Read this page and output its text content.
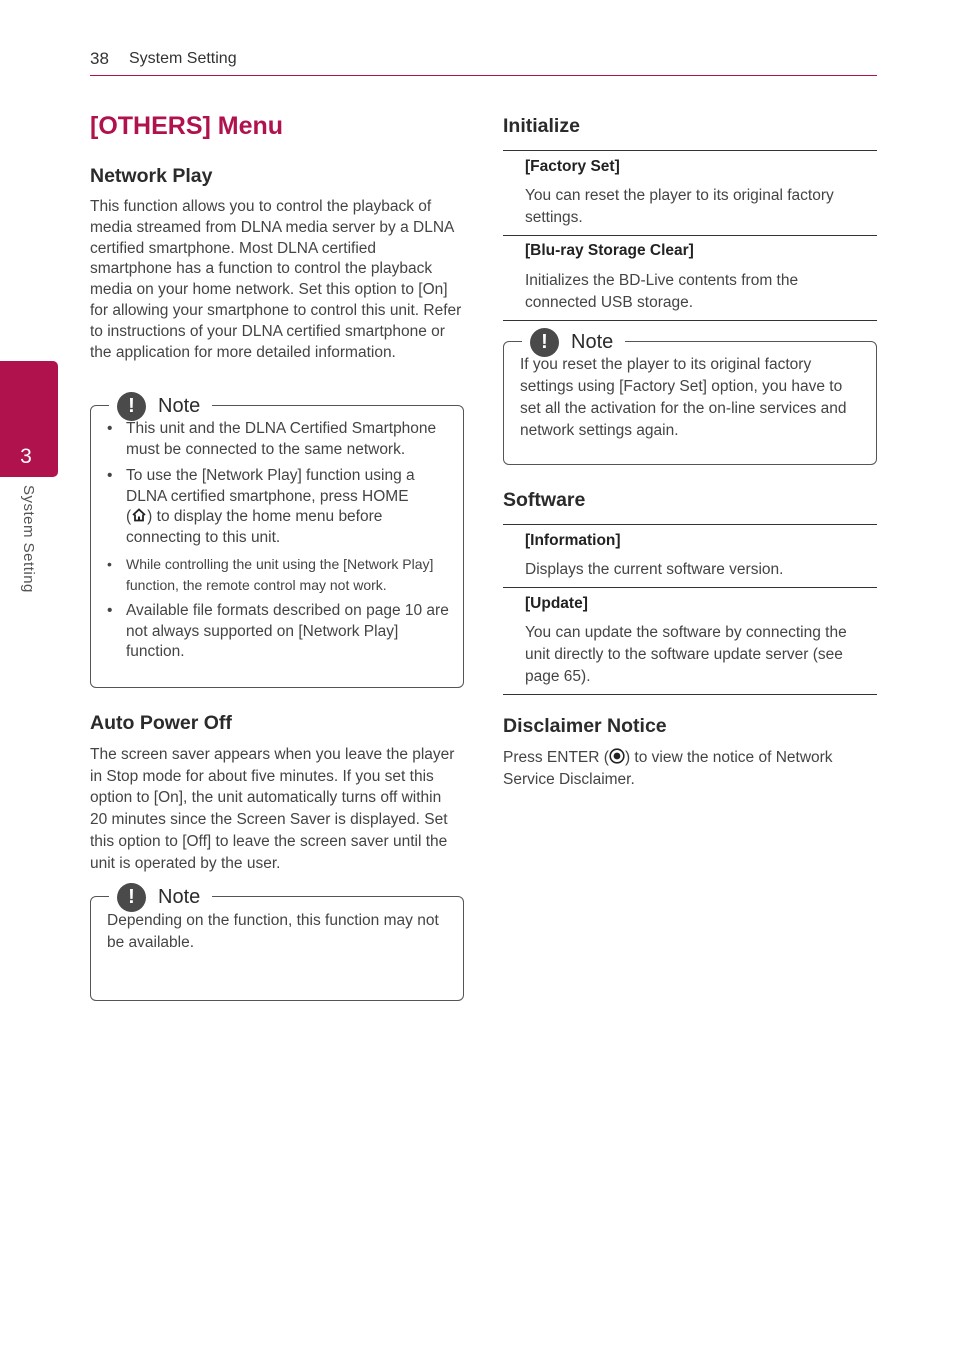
38 System Setting
3
System Setting
[OTHERS] Menu
Network Play

This function allows you to control the playback of media streamed from DLNA media server by a DLNA certified smartphone. Most DLNA certified smartphone has a function to control the playback media on your home network. Set this option to [On] for allowing your smartphone to control this unit. Refer to instructions of your DLNA certified smartphone or the application for more detailed information.

!	Note
• This unit and the DLNA Certified Smartphone must be connected to the same network.
• To use the [Network Play] function using a DLNA certified smartphone, press HOME
( ) to display the home menu before connecting to this unit.
• While controlling the unit using the [Network Play] function, the remote control may not work.
• Available file formats described on page 10 are not always supported on [Network Play] function.
Auto Power Off

The screen saver appears when you leave the player in Stop mode for about five minutes. If you set this option to [On], the unit automatically turns off within 20 minutes since the Screen Saver is displayed. Set this option to [Off] to leave the screen saver until the unit is operated by the user.

!	Note

Depending on the function, this function may not be available.

Initialize

[Factory Set]

You can reset the player to its original factory settings.

[Blu-ray Storage Clear]

Initializes the BD-Live contents from the connected USB storage.

!	Note

If you reset the player to its original factory settings using [Factory Set] option, you have to set all the activation for the on-line services and network settings again.

Software

[Information]

Displays the current software version.

[Update]

You can update the software by connecting the unit directly to the software update server (see page 65).

Disclaimer Notice

Press ENTER ( ) to view the notice of Network Service Disclaimer.
